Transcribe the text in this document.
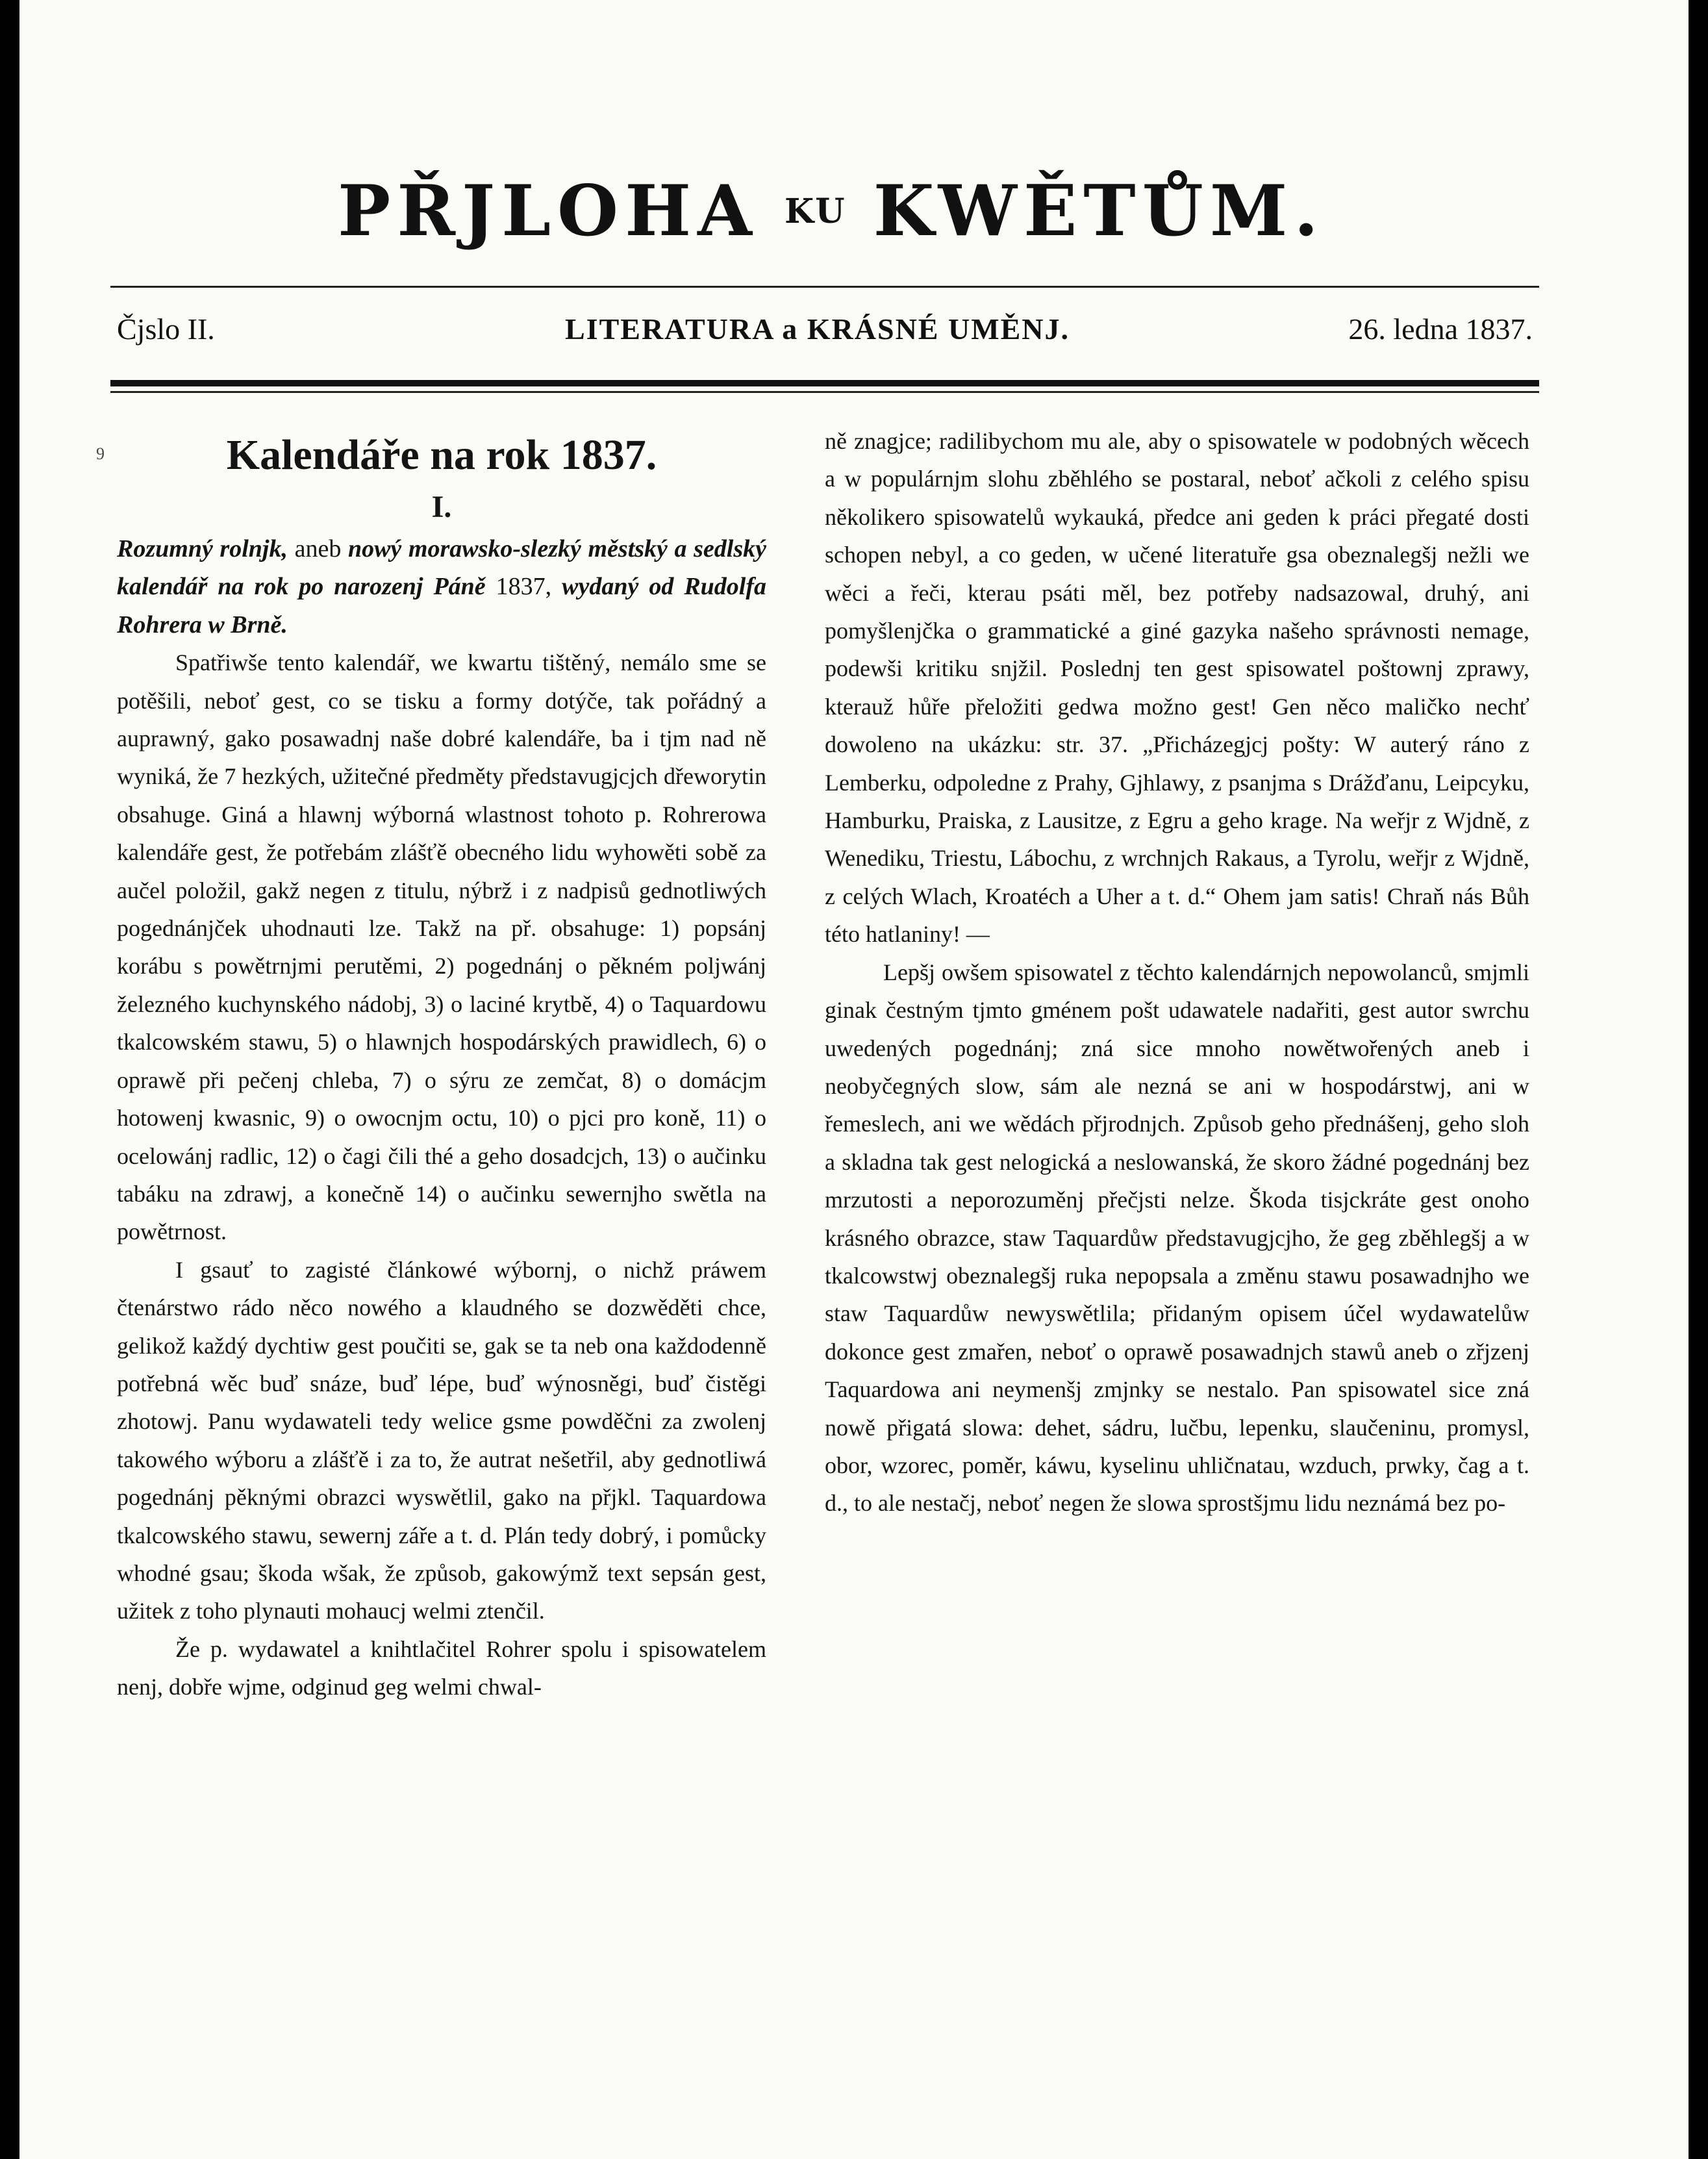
PŘJLOHA KU KWĚTŮM.
Čjslo II.	LITERATURA a KRÁSNÉ UMĚNJ.	26. ledna 1837.
9	Kalendáře na rok 1837.
I.

Rozumný rolnjk, aneb nowý morawsko-slezký městský a sedlský kalendář na rok po narozenj Páně 1837, wydaný od Rudolfa Rohrera w Brně.

Spatřiwše tento kalendář, we kwartu tištěný, nemálo sme se potěšili, neboť gest, co se tisku a formy dotýče, tak pořádný a auprawný, gako posawadnj naše dobré kalendáře, ba i tjm nad ně wyniká, že 7 hezkých, užitečné předměty představugjcjch dřeworytin obsahuge. Giná a hlawnj wýborná wlastnost tohoto p. Rohrerowa kalendáře gest, že potřebám zlášťě obecného lidu wyhowěti sobě za aučel položil, gakž negen z titulu, nýbrž i z nadpisů gednotliwých pogednánjček uhodnauti lze. Takž na př. obsahuge: 1) popsánj korábu s powětrnjmi perutěmi, 2) pogednánj o pěkném poljwánj železného kuchynského nádobj, 3) o laciné krytbě, 4) o Taquardowu tkalcowském stawu, 5) o hlawnjch hospodárských prawidlech, 6) o oprawě při pečenj chleba, 7) o sýru ze zemčat, 8) o domácjm hotowenj kwasnic, 9) o owocnjm octu, 10) o pjci pro koně, 11) o ocelowánj radlic, 12) o čagi čili thé a geho dosadcjch, 13) o aučinku tabáku na zdrawj, a konečně 14) o aučinku sewernjho swětla na powětrnost.

I gsauť to zagisté článkowé wýbornj, o nichž práwem čtenárstwo rádo něco nowého a klaudného se dozwěděti chce, gelikož každý dychtiw gest poučiti se, gak se ta neb ona každodenně potřebná wěc buď snáze, buď lépe, buď wýnosněgi, buď čistěgi zhotowj. Panu wydawateli tedy welice gsme powděčni za zwolenj takowého wýboru a zlášťě i za to, že autrat nešetřil, aby gednotliwá pogednánj pěknými obrazci wyswětlil, gako na přjkl. Taquardowa tkalcowského stawu, sewernj záře a t. d. Plán tedy dobrý, i pomůcky whodné gsau; škoda wšak, že způsob, gakowýmž text sepsán gest, užitek z toho plynauti mohaucj welmi ztenčil.

Že p. wydawatel a knihtlačitel Rohrer spolu i spisowatelem nenj, dobře wjme, odginud geg welmi chwal-

ně znagjce; radilibychom mu ale, aby o spisowatele w podobných wěcech a w populárnjm slohu zběhlého se postaral, neboť ačkoli z celého spisu několikero spisowatelů wykauká, předce ani geden k práci přegaté dosti schopen nebyl, a co geden, w učené literatuře gsa obeznalegšj nežli we wěci a řeči, kterau psáti měl, bez potřeby nadsazowal, druhý, ani pomyšlenjčka o grammatické a giné gazyka našeho správnosti nemage, podewši kritiku snjžil. Poslednj ten gest spisowatel poštownj zprawy, kterauž hůře přeložiti gedwa možno gest! Gen něco maličko nechť dowoleno na ukázku: str. 37. „Přicházegjcj pošty: W auterý ráno z Lemberku, odpoledne z Prahy, Gjhlawy, z psanjma s Drážďanu, Leipcyku, Hamburku, Praiska, z Lausitze, z Egru a geho krage. Na weřjr z Wjdně, z Wenediku, Triestu, Lábochu, z wrchnjch Rakaus, a Tyrolu, weřjr z Wjdně, z celých Wlach, Kroatéch a Uher a t. d.“ Ohem jam satis! Chraň nás Bůh této hatlaniny! —

Lepšj owšem spisowatel z těchto kalendárnjch nepowolanců, smjmli ginak čestným tjmto gménem pošt udawatele nadařiti, gest autor swrchu uwedených pogednánj; zná sice mnoho nowětwořených aneb i neobyčegných slow, sám ale nezná se ani w hospodárstwj, ani w řemeslech, ani we wědách přjrodnjch. Způsob geho přednášenj, geho sloh a skladna tak gest nelogická a neslowanská, že skoro žádné pogednánj bez mrzutosti a neporozuměnj přečjsti nelze. Škoda tisjckráte gest onoho krásného obrazce, staw Taquardůw představugjcjho, že geg zběhlegšj a w tkalcowstwj obeznalegšj ruka nepopsala a změnu stawu posawadnjho we staw Taquardůw newyswětlila; přidaným opisem účel wydawatelůw dokonce gest zmařen, neboť o oprawě posawadnjch stawů aneb o zřjzenj Taquardowa ani neymenšj zmjnky se nestalo. Pan spisowatel sice zná nowě přigatá slowa: dehet, sádru, lučbu, lepenku, slaučeninu, promysl, obor, wzorec, poměr, káwu, kyselinu uhličnatau, wzduch, prwky, čag a t. d., to ale nestačj, neboť negen že slowa sprostšjmu lidu neznámá bez po-
